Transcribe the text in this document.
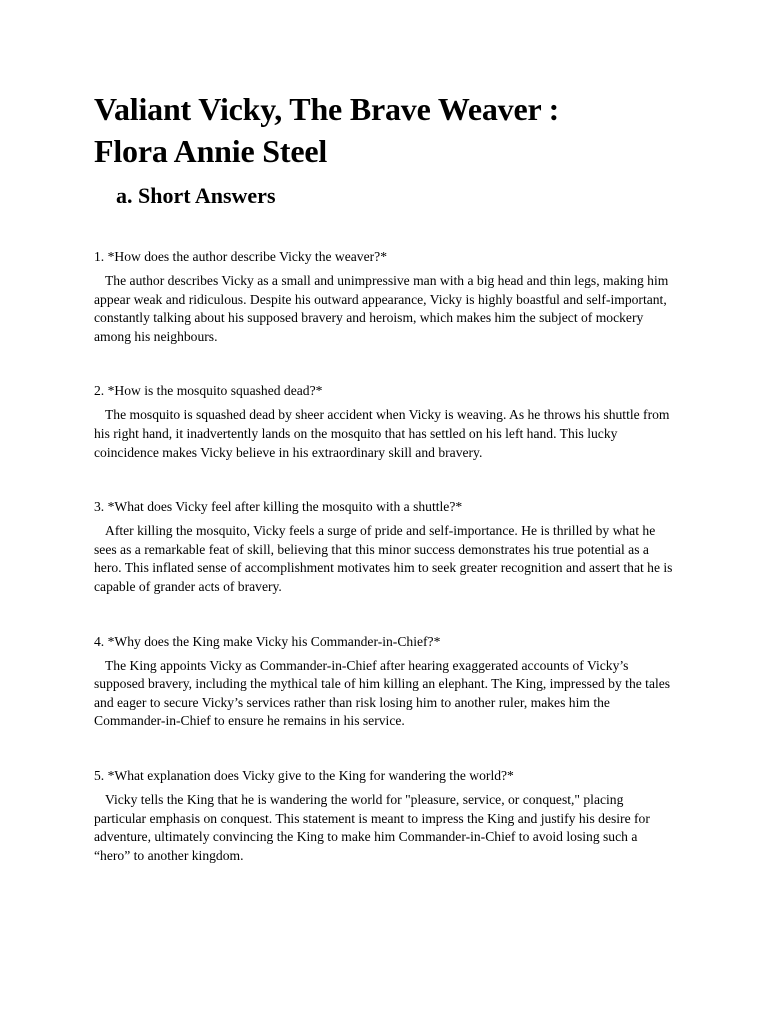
Valiant Vicky, The Brave Weaver :
Flora Annie Steel
a. Short Answers

1. *How does the author describe Vicky the weaver?*

The author describes Vicky as a small and unimpressive man with a big head and thin legs, making him appear weak and ridiculous. Despite his outward appearance, Vicky is highly boastful and self-important, constantly talking about his supposed bravery and heroism, which makes him the subject of mockery among his neighbours.

2. *How is the mosquito squashed dead?*

The mosquito is squashed dead by sheer accident when Vicky is weaving. As he throws his shuttle from his right hand, it inadvertently lands on the mosquito that has settled on his left hand. This lucky coincidence makes Vicky believe in his extraordinary skill and bravery.

3. *What does Vicky feel after killing the mosquito with a shuttle?*

After killing the mosquito, Vicky feels a surge of pride and self-importance. He is thrilled by what he sees as a remarkable feat of skill, believing that this minor success demonstrates his true potential as a hero. This inflated sense of accomplishment motivates him to seek greater recognition and assert that he is capable of grander acts of bravery.

4. *Why does the King make Vicky his Commander-in-Chief?*

The King appoints Vicky as Commander-in-Chief after hearing exaggerated accounts of Vicky’s supposed bravery, including the mythical tale of him killing an elephant. The King, impressed by the tales and eager to secure Vicky’s services rather than risk losing him to another ruler, makes him the Commander-in-Chief to ensure he remains in his service.

5. *What explanation does Vicky give to the King for wandering the world?*

Vicky tells the King that he is wandering the world for "pleasure, service, or conquest," placing particular emphasis on conquest. This statement is meant to impress the King and justify his desire for adventure, ultimately convincing the King to make him Commander-in-Chief to avoid losing such a “hero” to another kingdom.
